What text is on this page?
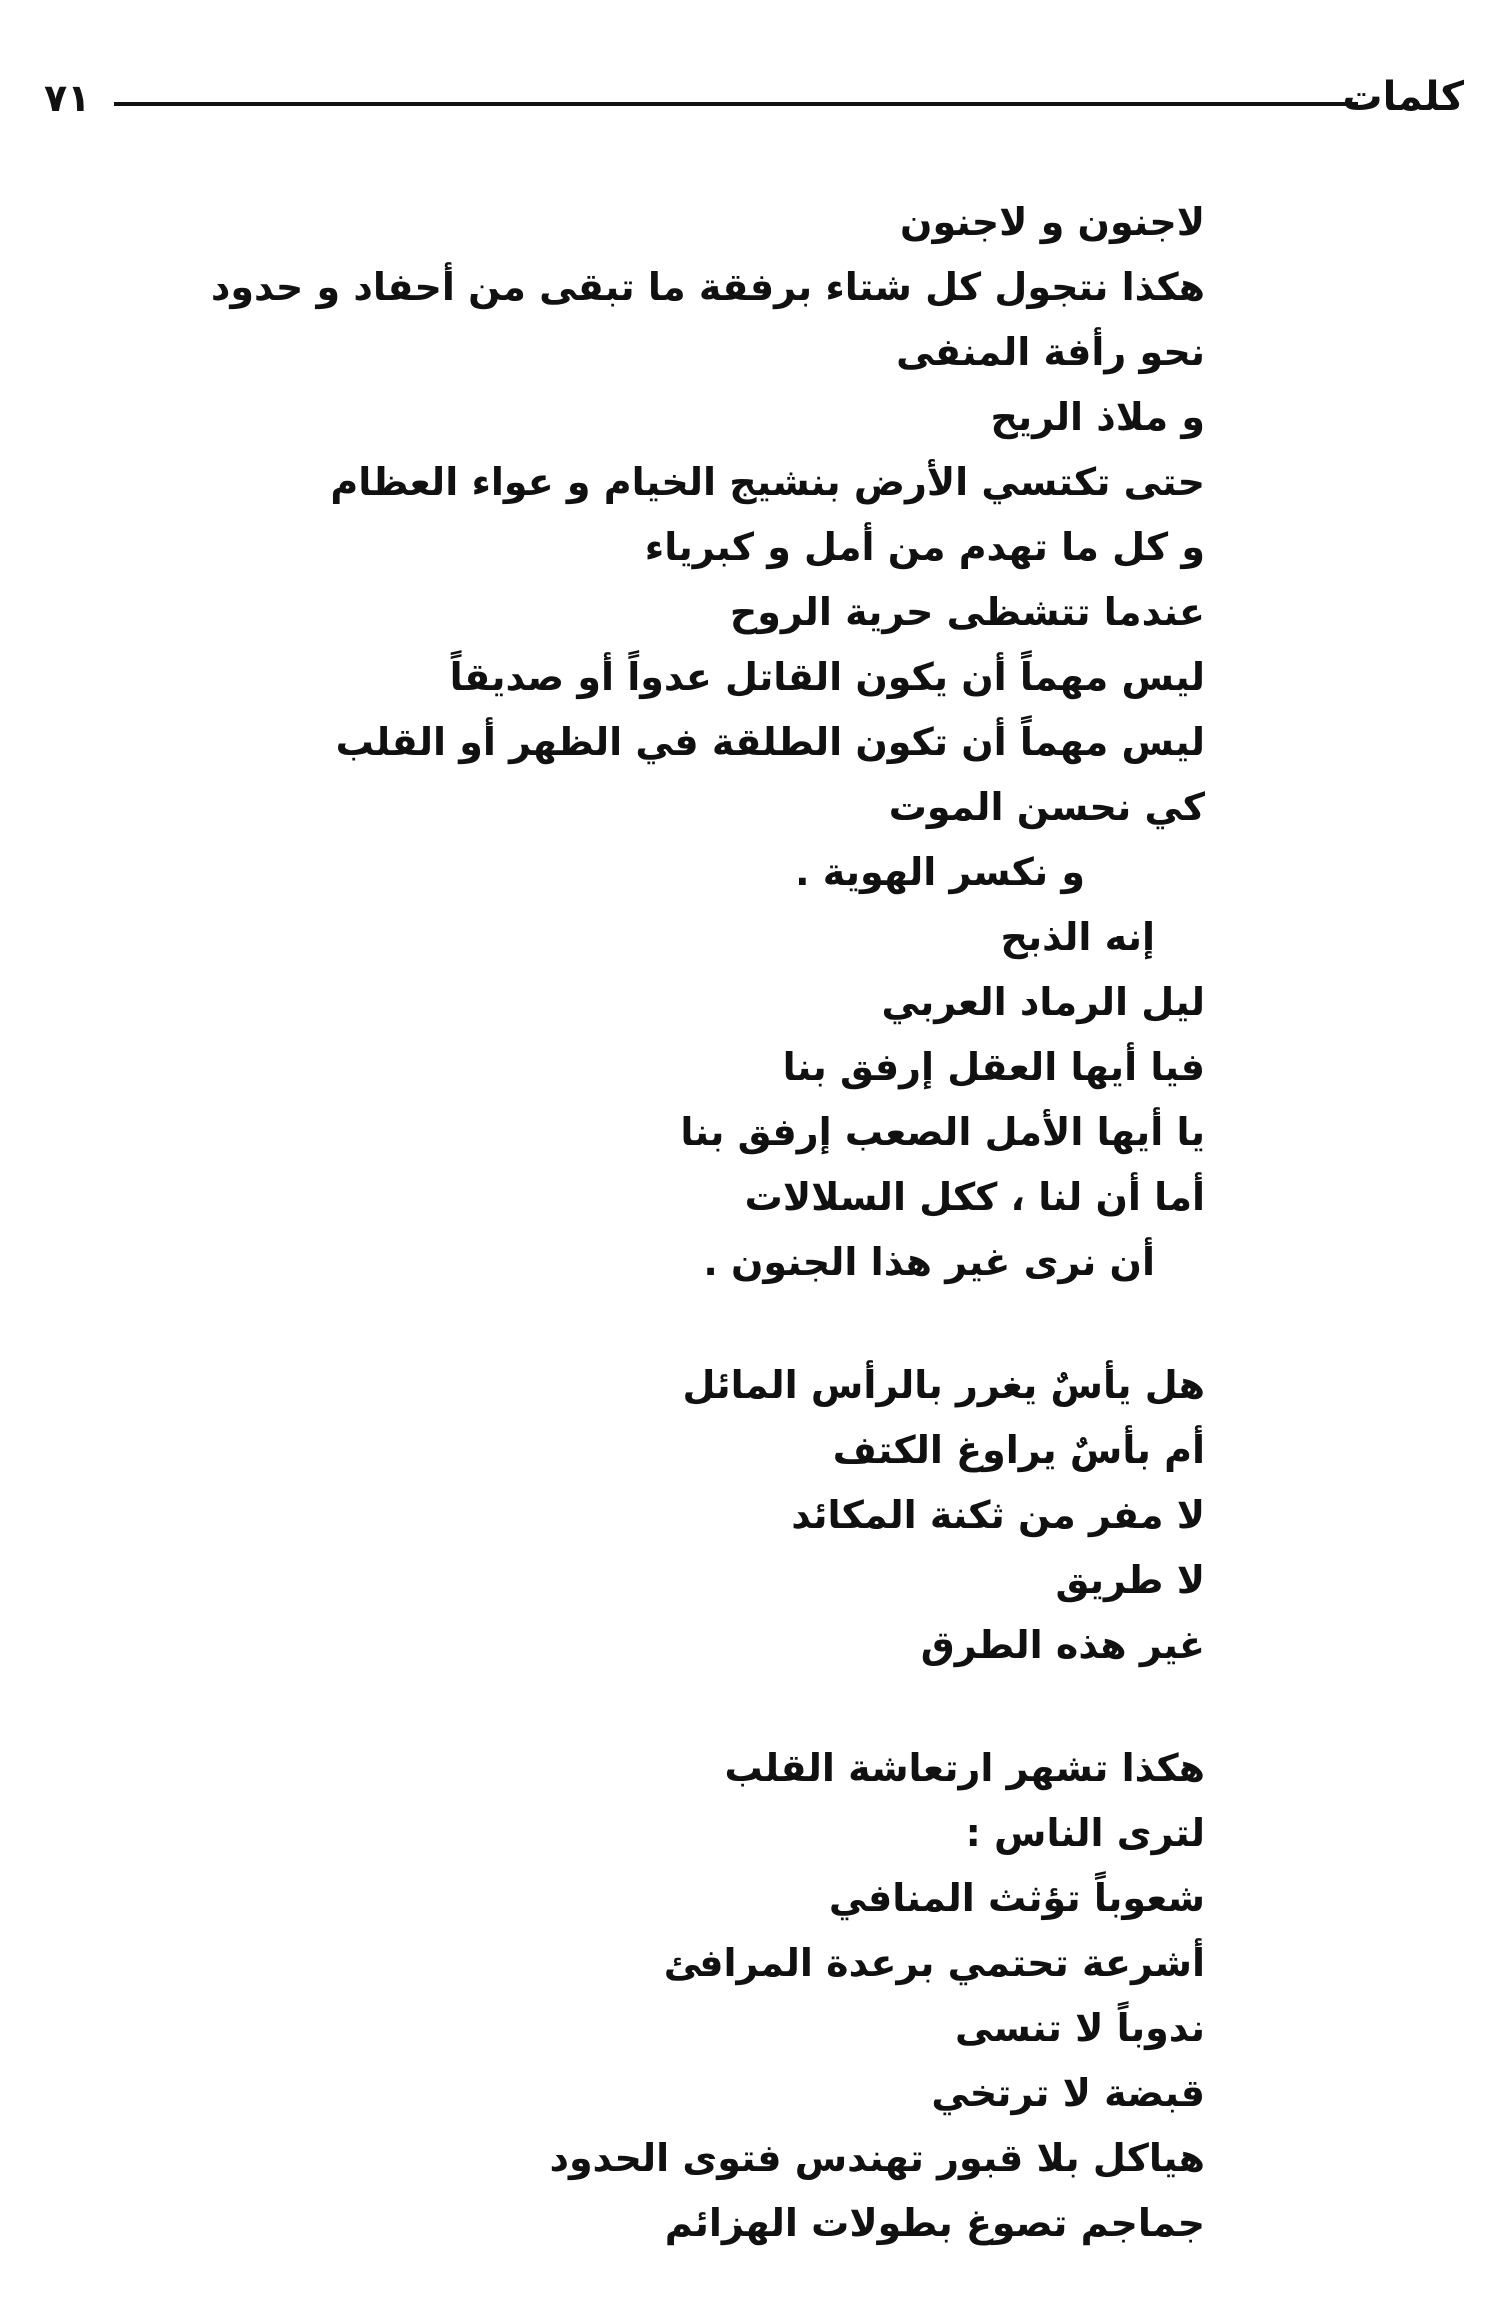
٧١	كلمات
لاجنون و لاجنون
هكذا نتجول كل شتاء برفقة ما تبقى من أحفاد و حدود
نحو رأفة المنفى
و ملاذ الريح
حتى تكتسي الأرض بنشيج الخيام و عواء العظام
و كل ما تهدم من أمل و كبرياء
عندما تتشظى حرية الروح
ليس مهماً أن يكون القاتل عدواً أو صديقاً
ليس مهماً أن تكون الطلقة في الظهر أو القلب
كي نحسن الموت
و نكسر الهوية .
إنه الذبح
ليل الرماد العربي
فيا أيها العقل إرفق بنا
يا أيها الأمل الصعب إرفق بنا
أما أن لنا ، ككل السلالات
أن نرى غير هذا الجنون .
هل يأسٌ يغرر بالرأس المائل
أم بأسٌ يراوغ الكتف
لا مفر من ثكنة المكائد
لا طريق
غير هذه الطرق
هكذا تشهر ارتعاشة القلب
لترى الناس :
شعوباً تؤثث المنافي
أشرعة تحتمي برعدة المرافئ
ندوباً لا تنسى
قبضة لا ترتخي
هياكل بلا قبور تهندس فتوى الحدود
جماجم تصوغ بطولات الهزائم
